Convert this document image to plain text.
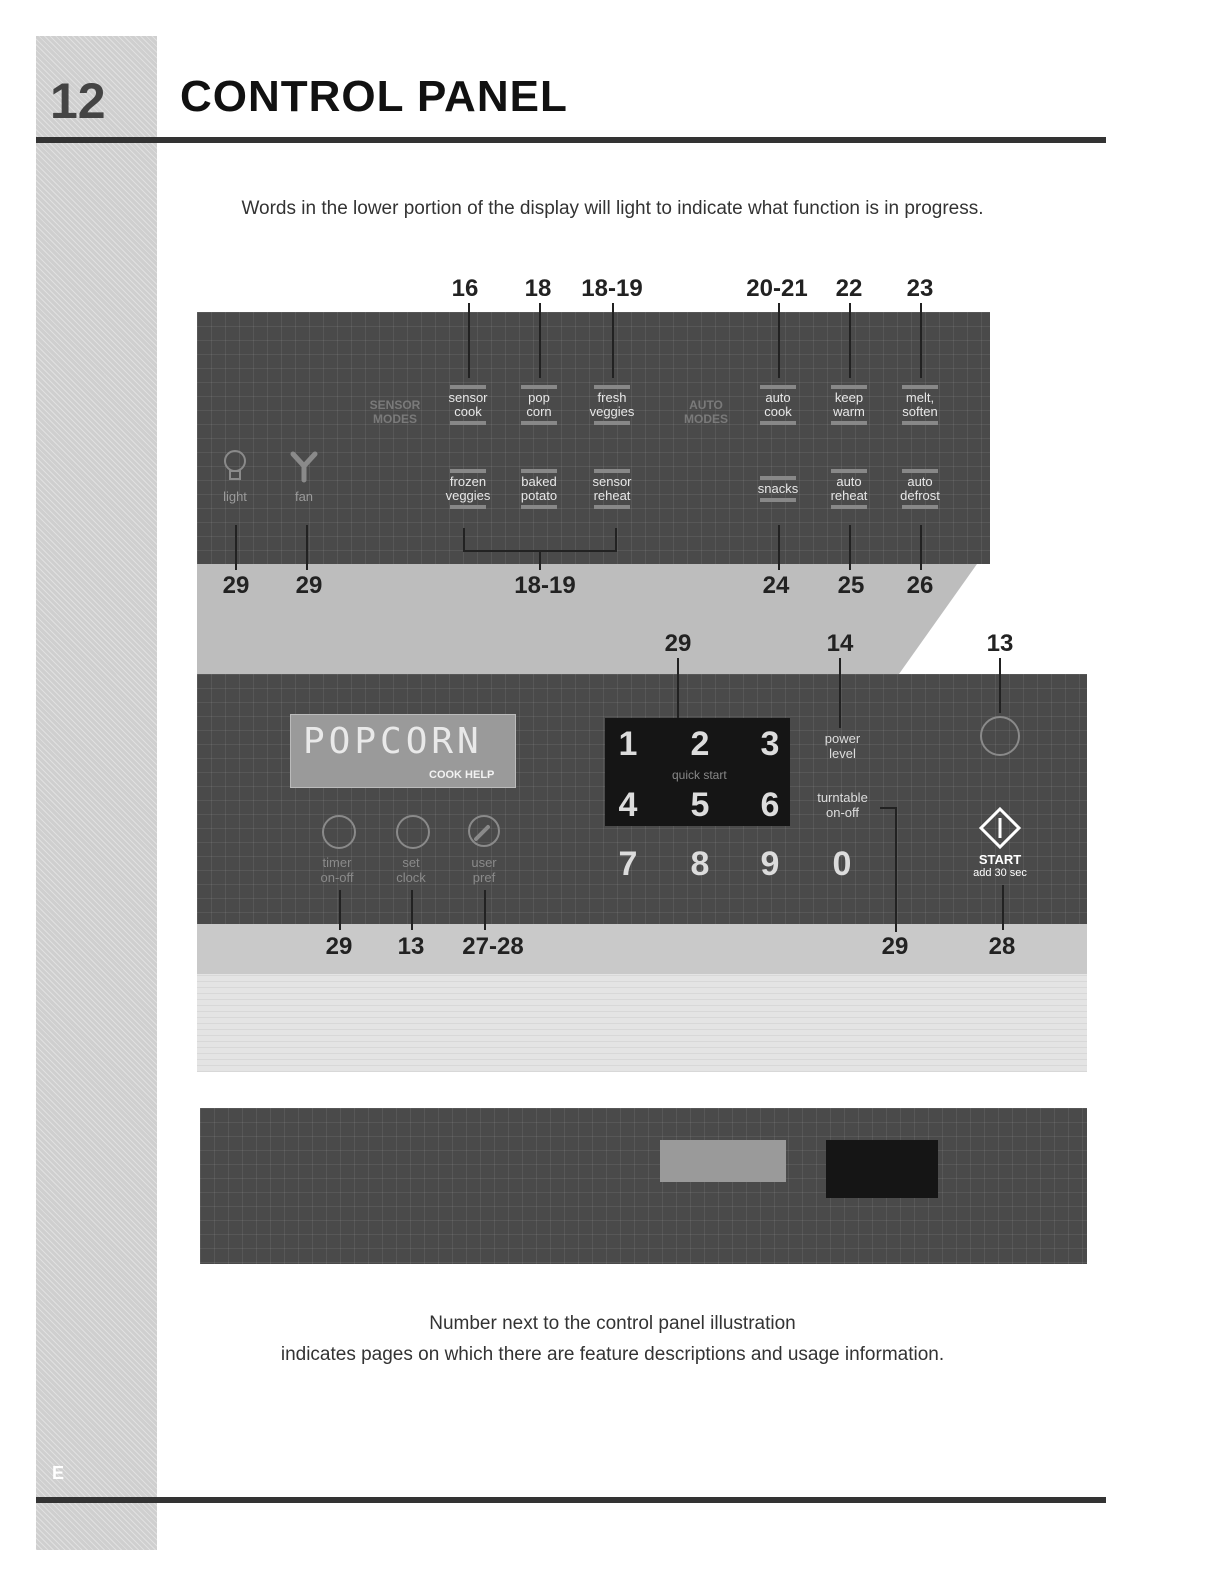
12 CONTROL PANEL
Words in the lower portion of the display will light to indicate what function is in progress.
16	18	18-19	20-21	22	23
SENSOR
MODES
AUTO
MODES
sensor
cook
pop
corn
fresh
veggies
auto
cook
keep
warm
melt,
soften
frozen
veggies
baked
potato
sensor
reheat	snacks	auto
reheat
auto
defrost
light	fan
29	29	18-19	24	25	26
29	14	13
POPCORN
COOK HELP
timer
on-off
set
clock
user
pref
1	2	3
quick start
4	5	6
7	8	9	0
power
level
turntable
on-off
START
add 30 sec
29	13	27-28	29	28
Number next to the control panel illustration
indicates pages on which there are feature descriptions and usage information.
E
